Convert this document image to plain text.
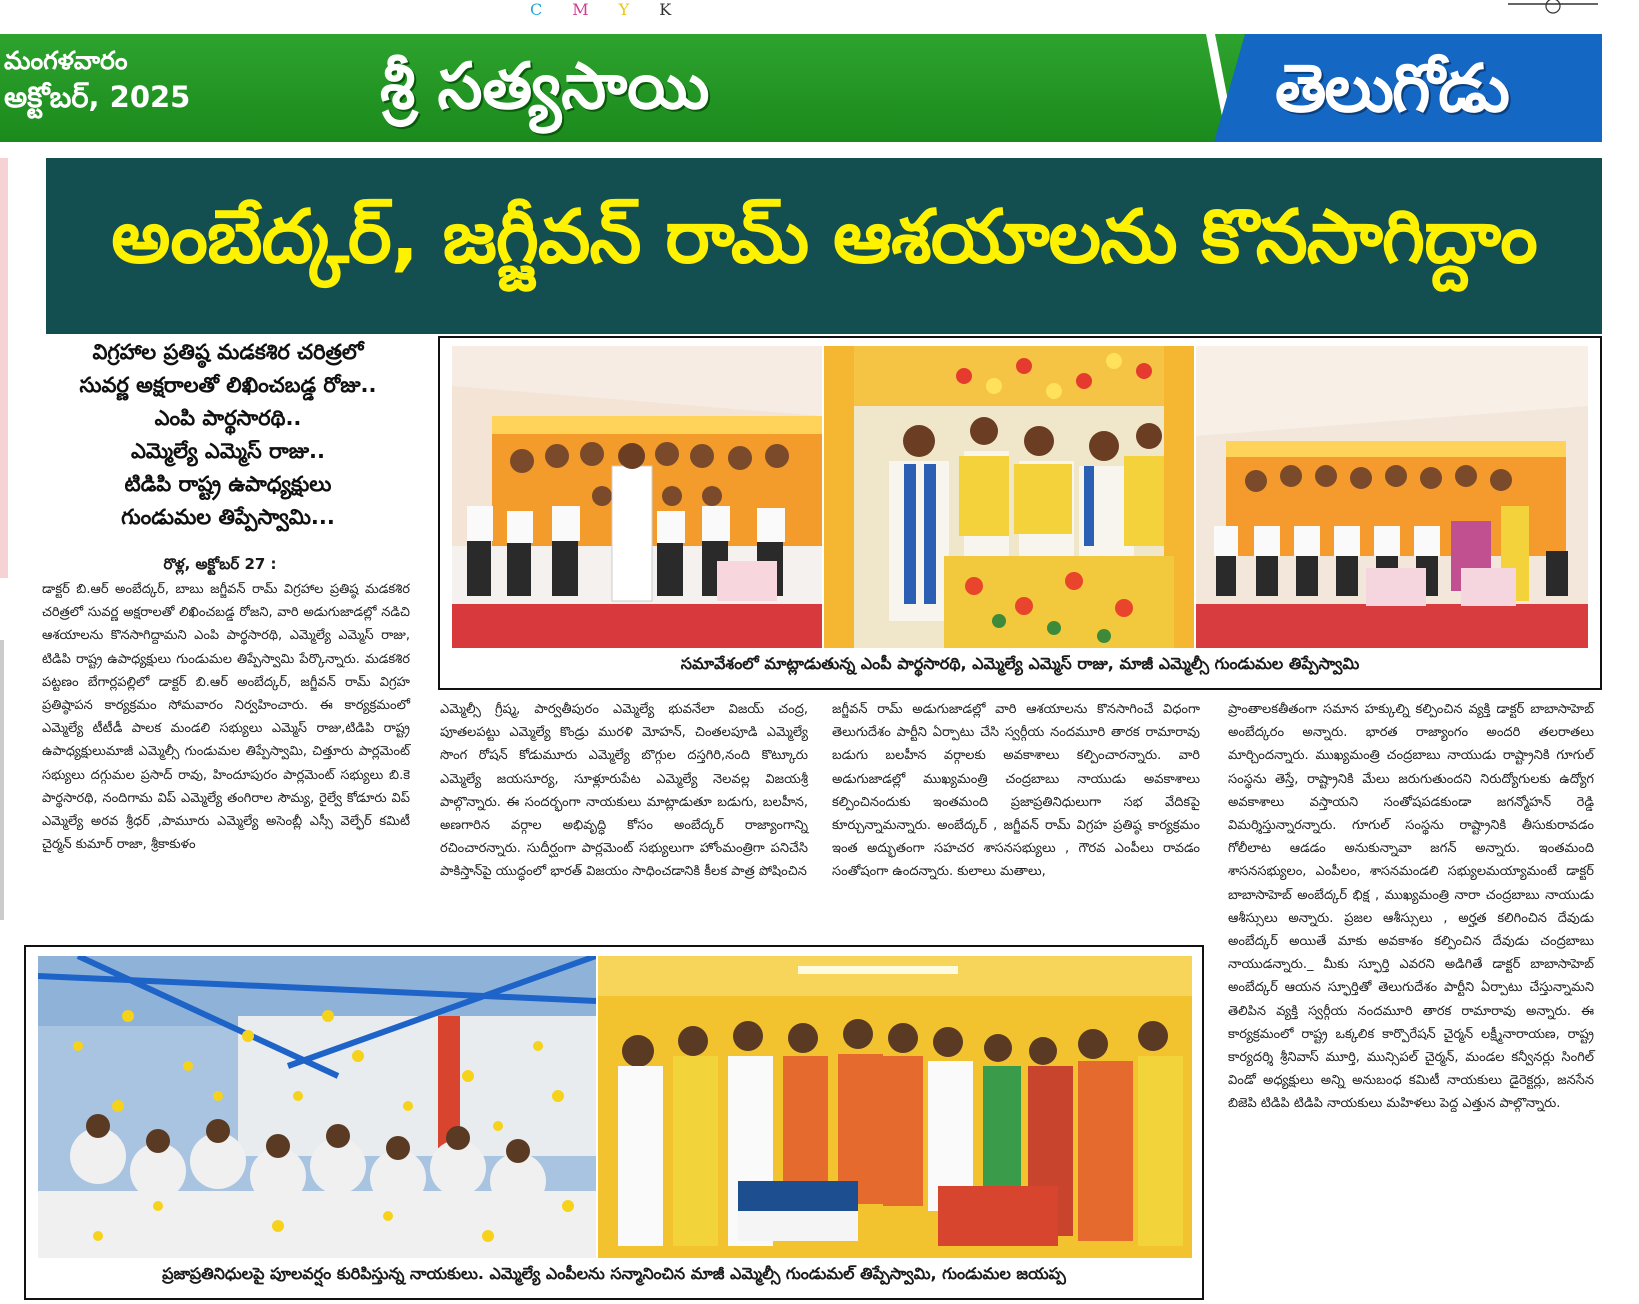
CMYK
మంగళవారం
అక్టోబర్, 2025	శ్రీ సత్యసాయి	తెలుగోడు
అంబేద్కర్, జగ్జీవన్ రామ్ ఆశయాలను కొనసాగిద్దాం
విగ్రహాల ప్రతిష్ఠ మడకశిర చరిత్రలో
సువర్ణ అక్షరాలతో లిఖించబడ్డ రోజు..
ఎంపి పార్థసారథి..
ఎమ్మెల్యే ఎమ్మెస్ రాజు..
టిడిపి రాష్ట్ర ఉపాధ్యక్షులు
గుండుమల తిప్పేస్వామి...
రొళ్ల, అక్టోబర్ 27 :
డాక్టర్ బి.ఆర్ అంబేద్కర్, బాబు జగ్జీవన్ రామ్ విగ్రహాల ప్రతిష్ఠ మడకశిర చరిత్రలో సువర్ణ అక్షరాలతో లిఖించబడ్డ రోజని, వారి అడుగుజాడల్లో నడిచి ఆశయాలను కొనసాగిద్దామని ఎంపి పార్థసారథి, ఎమ్మెల్యే ఎమ్మెస్ రాజు, టిడిపి రాష్ట్ర ఉపాధ్యక్షులు గుండుమల తిప్పేస్వామి పేర్కొన్నారు. మడకశిర పట్టణం బేగార్లపల్లిలో డాక్టర్ బి.ఆర్ అంబేద్కర్, జగ్జీవన్ రామ్ విగ్రహ ప్రతిష్ఠాపన కార్యక్రమం సోమవారం నిర్వహించారు. ఈ కార్యక్రమంలో ఎమ్మెల్యే టీటీడీ పాలక మండలి సభ్యులు ఎమ్మెస్ రాజు,టిడిపి రాష్ట్ర ఉపాధ్యక్షులుమాజీ ఎమ్మెల్సీ గుండుమల తిప్పేస్వామి, చిత్తూరు పార్లమెంట్ సభ్యులు దగ్గుమల ప్రసాద్ రావు, హిందూపురం పార్లమెంట్ సభ్యులు బి.కె పార్థసారథి, నందిగామ విప్ ఎమ్మెల్యే తంగిరాల సౌమ్య, రైల్వే కోడూరు విప్ ఎమ్మెల్యే అరవ శ్రీధర్ ,పామూరు ఎమ్మెల్యే అసెంబ్లీ ఎస్సీ వెల్ఫేర్ కమిటీ చైర్మన్ కుమార్ రాజా, శ్రీకాకుళం
ఎమ్మెల్సీ గ్రీష్మ, పార్వతీపురం ఎమ్మెల్యే భువనేలా విజయ్ చంద్ర, పూతలపట్టు ఎమ్మెల్యే కొండ్రు మురళి మోహన్, చింతలపూడి ఎమ్మెల్యే సొంగ రోషన్ కోడుమూరు ఎమ్మెల్యే బొగ్గుల దస్తగిరి,నంది కొట్కూరు ఎమ్మెల్యే జయసూర్య, సూళ్లూరుపేట ఎమ్మెల్యే నెలవల్ల విజయశ్రీ పాల్గొన్నారు. ఈ సందర్భంగా నాయకులు మాట్లాడుతూ బడుగు, బలహీన, అణగారిన వర్గాల అభివృద్ధి కోసం అంబేద్కర్ రాజ్యాంగాన్ని రచించారన్నారు. సుదీర్ఘంగా పార్లమెంట్ సభ్యులుగా హోంమంత్రిగా పనిచేసి పాకిస్తాన్‌పై యుద్ధంలో భారత్ విజయం సాధించడానికి కీలక పాత్ర పోషించిన
జగ్జీవన్ రామ్ అడుగుజాడల్లో వారి ఆశయాలను కొనసాగించే విధంగా తెలుగుదేశం పార్టీని ఏర్పాటు చేసి స్వర్గీయ నందమూరి తారక రామారావు బడుగు బలహీన వర్గాలకు అవకాశాలు కల్పించారన్నారు. వారి అడుగుజాడల్లో ముఖ్యమంత్రి చంద్రబాబు నాయుడు అవకాశాలు కల్పించినందుకు ఇంతమంది ప్రజాప్రతినిధులుగా సభ వేదికపై కూర్చున్నామన్నారు. అంబేద్కర్ , జగ్జీవన్ రామ్ విగ్రహ ప్రతిష్ఠ కార్యక్రమం ఇంత అద్భుతంగా సహచర శాసనసభ్యులు , గౌరవ ఎంపీలు రావడం సంతోషంగా ఉందన్నారు. కులాలు మతాలు,
ప్రాంతాలకతీతంగా సమాన హక్కుల్ని కల్పించిన వ్యక్తి డాక్టర్ బాబాసాహెబ్ అంబేద్కరం అన్నారు. భారత రాజ్యాంగం అందరి తలరాతలు మార్చిందన్నారు. ముఖ్యమంత్రి చంద్రబాబు నాయుడు రాష్ట్రానికి గూగుల్ సంస్థను తెస్తే, రాష్ట్రానికి మేలు జరుగుతుందని నిరుద్యోగులకు ఉద్యోగ అవకాశాలు వస్తాయని సంతోషపడకుండా జగన్మోహన్ రెడ్డి విమర్శిస్తున్నారన్నారు. గూగుల్ సంస్థను రాష్ట్రానికి తీసుకురావడం గోలీలాట ఆడడం అనుకున్నావా జగన్ అన్నారు. ఇంతమంది శాసనసభ్యులం, ఎంపీలం, శాసనమండలి సభ్యులమయ్యామంటే డాక్టర్ బాబాసాహెబ్ అంబేద్కర్ భిక్ష , ముఖ్యమంత్రి నారా చంద్రబాబు నాయుడు ఆశీస్సులు అన్నారు. ప్రజల ఆశీస్సులు , అర్హత కలిగించిన దేవుడు అంబేద్కర్ అయితే మాకు అవకాశం కల్పించిన దేవుడు చంద్రబాబు నాయుడన్నారు._ మీకు స్ఫూర్తి ఎవరని అడిగితే డాక్టర్ బాబాసాహెబ్ అంబేద్కర్ ఆయన స్ఫూర్తితో తెలుగుదేశం పార్టీని ఏర్పాటు చేస్తున్నామని తెలిపిన వ్యక్తి స్వర్గీయ నందమూరి తారక రామారావు అన్నారు. ఈ కార్యక్రమంలో రాష్ట్ర ఒక్కలిక కార్పొరేషన్ చైర్మన్ లక్ష్మీనారాయణ, రాష్ట్ర కార్యదర్శి శ్రీనివాస్ మూర్తి, మున్సిపల్ చైర్మన్, మండల కన్వీనర్లు సింగిల్ విండో అధ్యక్షులు అన్ని అనుబంధ కమిటీ నాయకులు డైరెక్టర్లు, జనసేన బిజెపి టిడిపి టిడిపి నాయకులు మహిళలు పెద్ద ఎత్తున పాల్గొన్నారు.
సమావేశంలో మాట్లాడుతున్న ఎంపీ పార్థసారథి, ఎమ్మెల్యే ఎమ్మెస్ రాజు, మాజీ ఎమ్మెల్సీ గుండుమల తిప్పేస్వామి
ప్రజాప్రతినిధులపై పూలవర్షం కురిపిస్తున్న నాయకులు. ఎమ్మెల్యే ఎంపీలను సన్మానించిన మాజీ ఎమ్మెల్సీ గుండుమల్ తిప్పేస్వామి, గుండుమల జయప్ప
